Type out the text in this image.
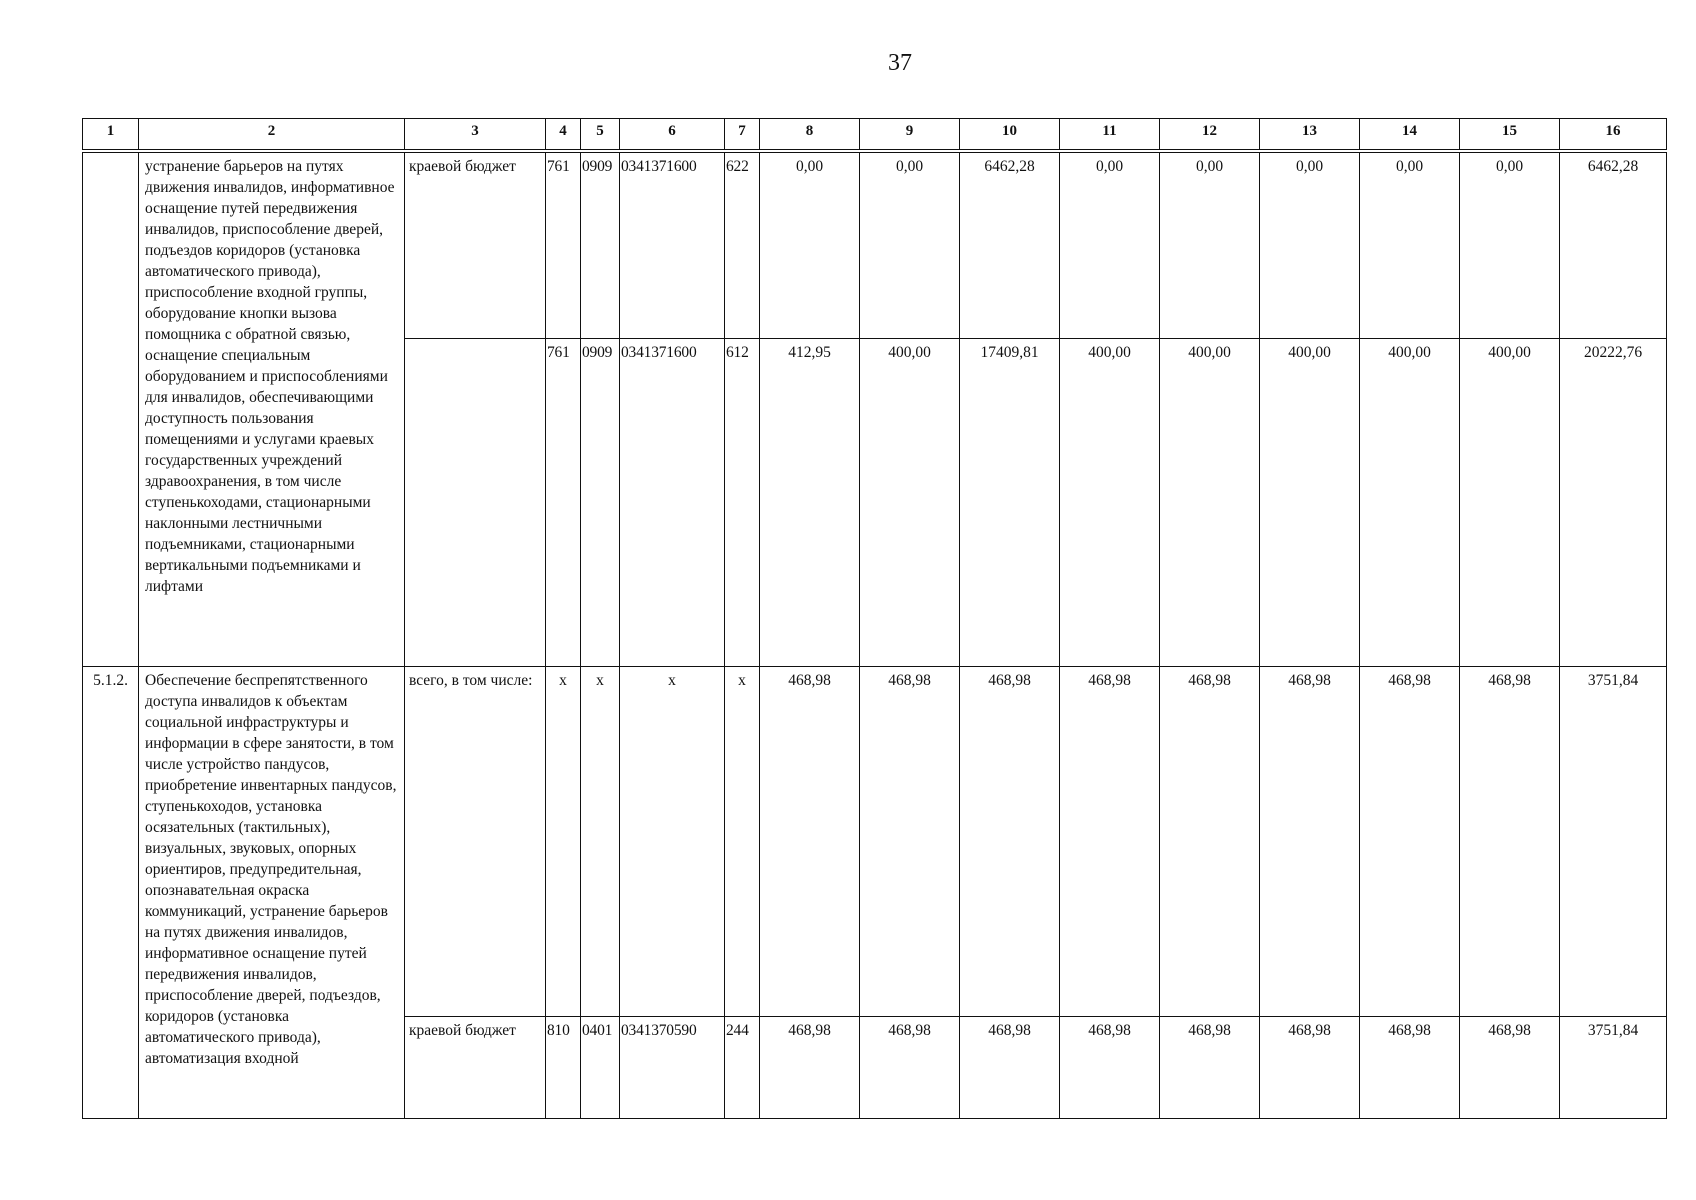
37
1	2	3	4	5	6	7	8	9	10	11	12	13	14	15	16
	устранение барьеров на путях движения инвалидов, информативное оснащение путей передвижения инвалидов, приспособление дверей, подъездов коридоров (установка автоматического привода), приспособление входной группы, оборудование кнопки вызова помощника с обратной связью, оснащение специальным оборудованием и приспособлениями для инвалидов, обеспечивающими доступность пользования помещениями и услугами краевых государственных учреждений здравоохранения, в том числе ступенькоходами, стационарными наклонными лестничными подъемниками, стационарными вертикальными подъемниками и лифтами	краевой бюджет	761	0909	0341371600	622	0,00	0,00	6462,28	0,00	0,00	0,00	0,00	0,00	6462,28
			761	0909	0341371600	612	412,95	400,00	17409,81	400,00	400,00	400,00	400,00	400,00	20222,76
5.1.2.	Обеспечение беспрепятственного доступа инвалидов к объектам социальной инфраструктуры и информации в сфере занятости, в том числе устройство пандусов, приобретение инвентарных пандусов, ступенькоходов, установка осязательных (тактильных), визуальных, звуковых, опорных ориентиров, предупредительная, опознавательная окраска коммуникаций, устранение барьеров на путях движения инвалидов, информативное оснащение путей передвижения инвалидов, приспособление дверей, подъездов, коридоров (установка автоматического привода), автоматизация входной	всего, в том числе:	х	х	х	х	468,98	468,98	468,98	468,98	468,98	468,98	468,98	468,98	3751,84
		краевой бюджет	810	0401	0341370590	244	468,98	468,98	468,98	468,98	468,98	468,98	468,98	468,98	3751,84
